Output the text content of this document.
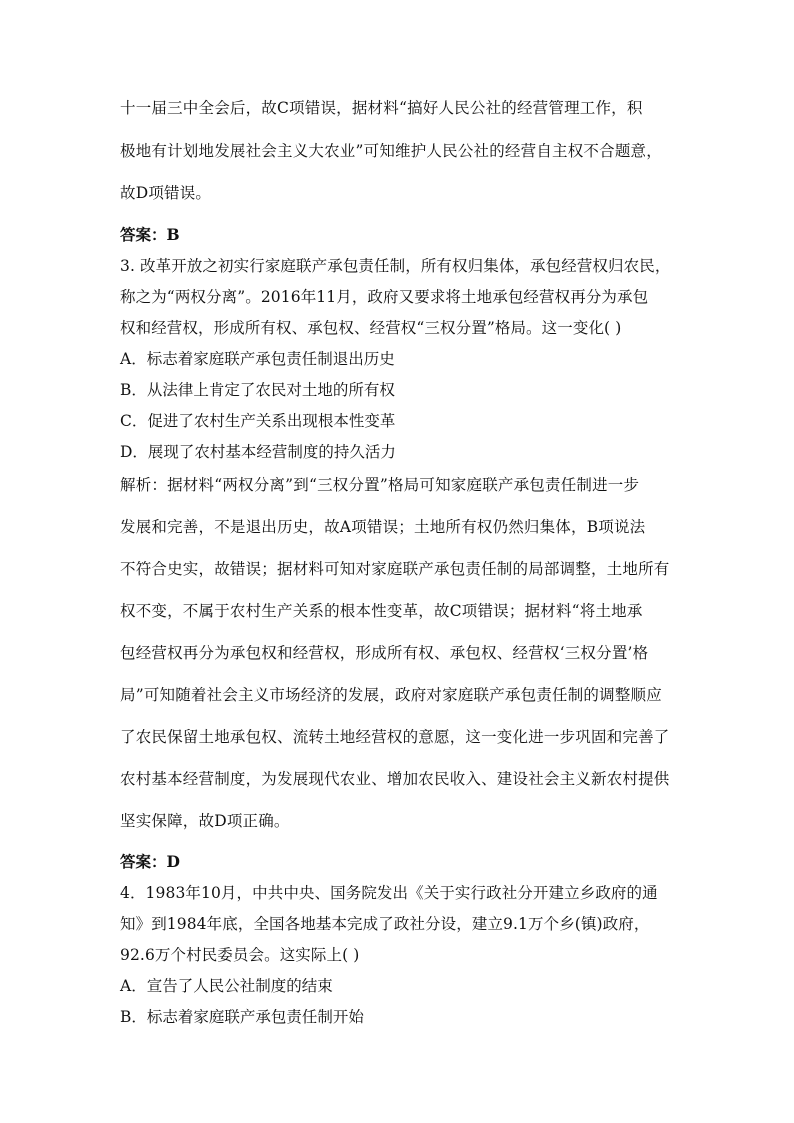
十一届三中全会后，故C项错误，据材料“搞好人民公社的经营管理工作，积
极地有计划地发展社会主义大农业”可知维护人民公社的经营自主权不合题意，
故D项错误。
答案：B
3. 改革开放之初实行家庭联产承包责任制，所有权归集体，承包经营权归农民，
称之为“两权分离”。2016年11月，政府又要求将土地承包经营权再分为承包
权和经营权，形成所有权、承包权、经营权“三权分置”格局。这一变化( )
A．标志着家庭联产承包责任制退出历史
B．从法律上肯定了农民对土地的所有权
C．促进了农村生产关系出现根本性变革
D．展现了农村基本经营制度的持久活力
解析：据材料“两权分离”到“三权分置”格局可知家庭联产承包责任制进一步
发展和完善，不是退出历史，故A项错误；土地所有权仍然归集体，B项说法
不符合史实，故错误；据材料可知对家庭联产承包责任制的局部调整，土地所有
权不变，不属于农村生产关系的根本性变革，故C项错误；据材料“将土地承
包经营权再分为承包权和经营权，形成所有权、承包权、经营权‘三权分置’格
局”可知随着社会主义市场经济的发展，政府对家庭联产承包责任制的调整顺应
了农民保留土地承包权、流转土地经营权的意愿，这一变化进一步巩固和完善了
农村基本经营制度，为发展现代农业、增加农民收入、建设社会主义新农村提供
坚实保障，故D项正确。
答案：D
4．1983年10月，中共中央、国务院发出《关于实行政社分开建立乡政府的通
知》到1984年底，全国各地基本完成了政社分设，建立9.1万个乡(镇)政府，
92.6万个村民委员会。这实际上( )
A．宣告了人民公社制度的结束
B．标志着家庭联产承包责任制开始
